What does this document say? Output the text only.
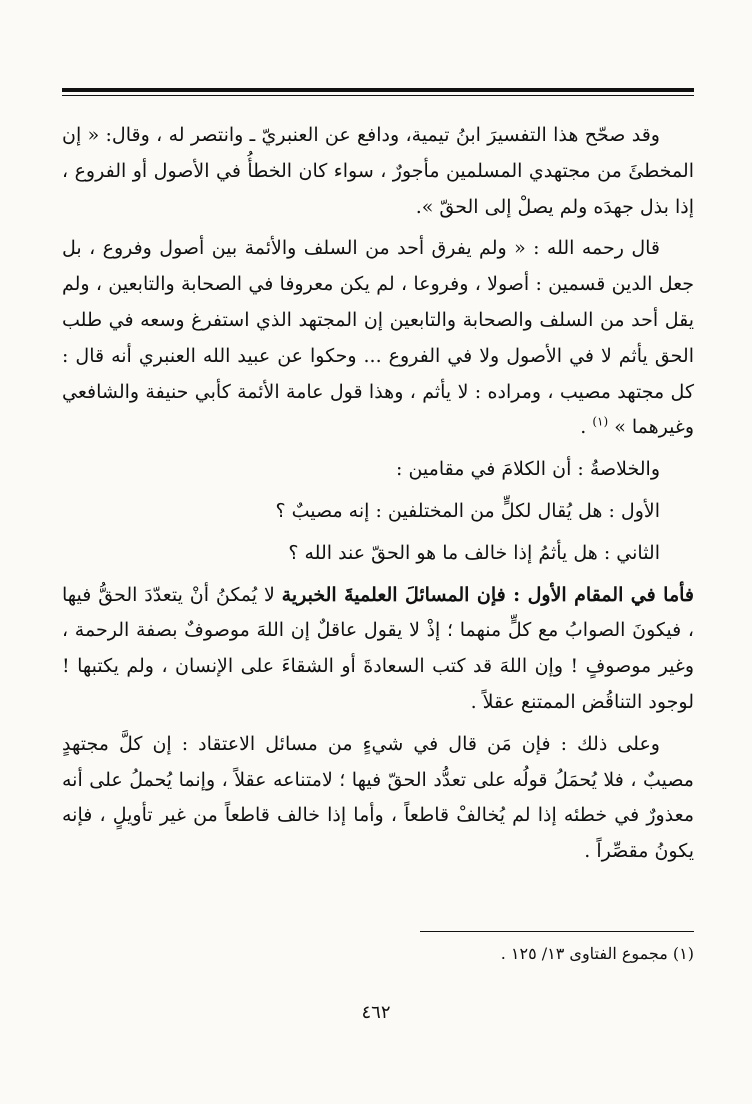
وقد صحّح هذا التفسيرَ ابنُ تيمية، ودافع عن العنبريّ ـ وانتصر له ، وقال: « إن المخطئَ من مجتهدي المسلمين مأجورٌ ، سواء كان الخطأُ في الأصول أو الفروع ، إذا بذل جهدَه ولم يصلْ إلى الحقّ ».

قال رحمه الله : « ولم يفرق أحد من السلف والأئمة بين أصول وفروع ، بل جعل الدين قسمين : أصولا ، وفروعا ، لم يكن معروفا في الصحابة والتابعين ، ولم يقل أحد من السلف والصحابة والتابعين إن المجتهد الذي استفرغ وسعه في طلب الحق يأثم لا في الأصول ولا في الفروع ... وحكوا عن عبيد الله العنبري أنه قال : كل مجتهد مصيب ، ومراده : لا يأثم ، وهذا قول عامة الأئمة كأبي حنيفة والشافعي وغيرهما » $^{(١)}$ .

والخلاصةُ : أن الكلامَ في مقامين :

الأول : هل يُقال لكلٍّ من المختلفين : إنه مصيبٌ ؟

الثاني : هل يأثمُ إذا خالف ما هو الحقّ عند الله ؟

فأما في المقام الأول : فإن المسائلَ العلميةَ الخبرية لا يُمكنُ أنْ يتعدّدَ الحقُّ فيها ، فيكونَ الصوابُ مع كلٍّ منهما ؛ إذْ لا يقول عاقلٌ إن اللهَ موصوفٌ بصفة الرحمة ، وغير موصوفٍ ! وإن اللهَ قد كتب السعادةَ أو الشقاءَ على الإنسان ، ولم يكتبها ! لوجود التناقُض الممتنع عقلاً .

وعلى ذلك : فإن مَن قال في شيءٍ من مسائل الاعتقاد : إن كلَّ مجتهدٍ مصيبٌ ، فلا يُحمَلُ قولُه على تعدُّد الحقّ فيها ؛ لامتناعه عقلاً ، وإنما يُحملُ على أنه معذورٌ في خطئه إذا لم يُخالفْ قاطعاً ، وأما إذا خالف قاطعاً من غير تأويلٍ ، فإنه يكونُ مقصِّراً .

(١) مجموع الفتاوى ١٣/ ١٢٥ .
٤٦٢
